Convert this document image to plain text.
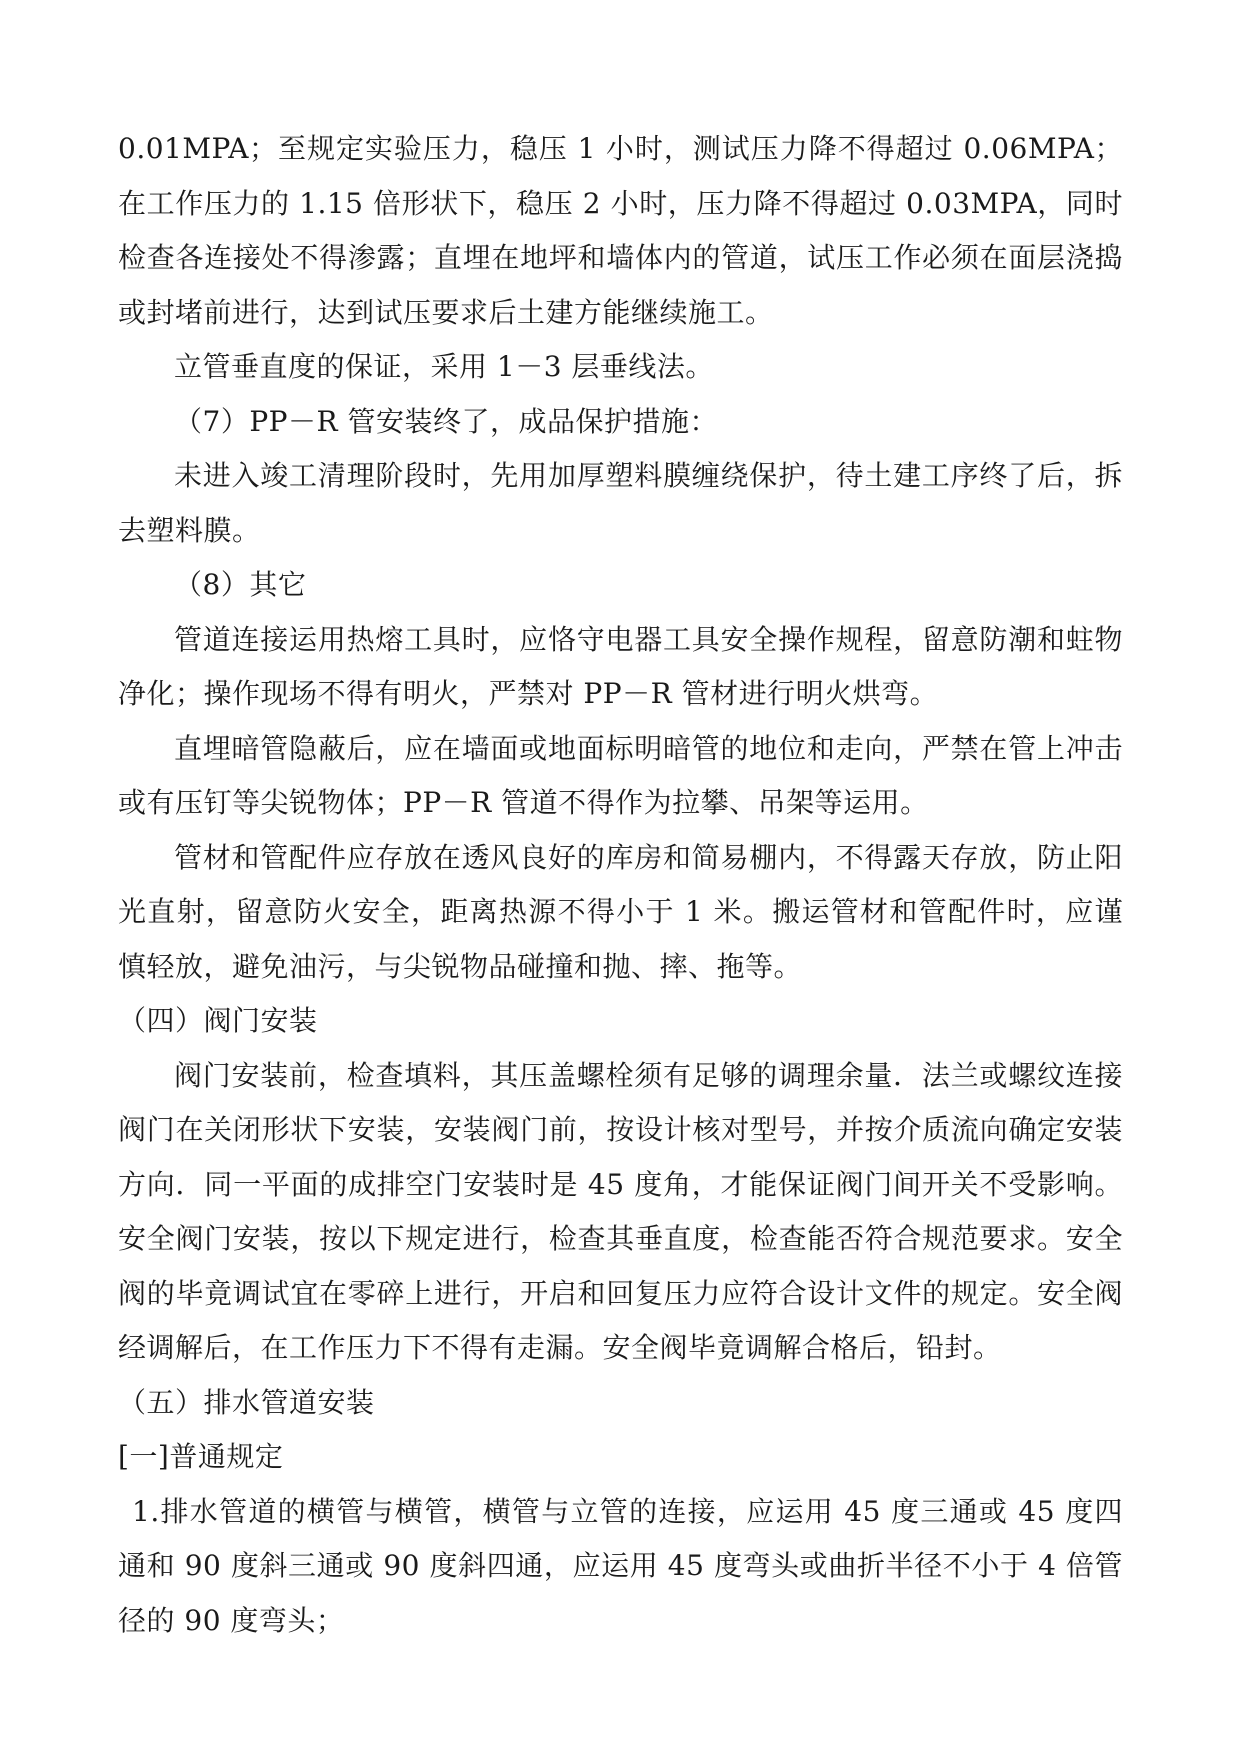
0.01MPA；至规定实验压力，稳压 1 小时，测试压力降不得超过 0.06MPA；在工作压力的 1.15 倍形状下，稳压 2 小时，压力降不得超过 0.03MPA，同时检查各连接处不得渗露；直埋在地坪和墙体内的管道，试压工作必须在面层浇捣或封堵前进行，达到试压要求后土建方能继续施工。

立管垂直度的保证，采用 1－3 层垂线法。

（7）PP－R 管安装终了，成品保护措施：

未进入竣工清理阶段时，先用加厚塑料膜缠绕保护，待土建工序终了后，拆去塑料膜。

（8）其它

管道连接运用热熔工具时，应恪守电器工具安全操作规程，留意防潮和蛀物净化；操作现场不得有明火，严禁对 PP－R 管材进行明火烘弯。

直埋暗管隐蔽后，应在墙面或地面标明暗管的地位和走向，严禁在管上冲击或有压钉等尖锐物体；PP－R 管道不得作为拉攀、吊架等运用。

管材和管配件应存放在透风良好的库房和简易棚内，不得露天存放，防止阳光直射，留意防火安全，距离热源不得小于 1 米。搬运管材和管配件时，应谨慎轻放，避免油污，与尖锐物品碰撞和抛、摔、拖等。

（四）阀门安装

阀门安装前，检查填料，其压盖螺栓须有足够的调理余量．法兰或螺纹连接阀门在关闭形状下安装，安装阀门前，按设计核对型号，并按介质流向确定安装方向．同一平面的成排空门安装时是 45 度角，才能保证阀门间开关不受影响。安全阀门安装，按以下规定进行，检查其垂直度，检查能否符合规范要求。安全阀的毕竟调试宜在零碎上进行，开启和回复压力应符合设计文件的规定。安全阀经调解后，在工作压力下不得有走漏。安全阀毕竟调解合格后，铅封。

（五）排水管道安装

[一]普通规定

1.排水管道的横管与横管，横管与立管的连接，应运用 45 度三通或 45 度四通和 90 度斜三通或 90 度斜四通，应运用 45 度弯头或曲折半径不小于 4 倍管径的 90 度弯头；
